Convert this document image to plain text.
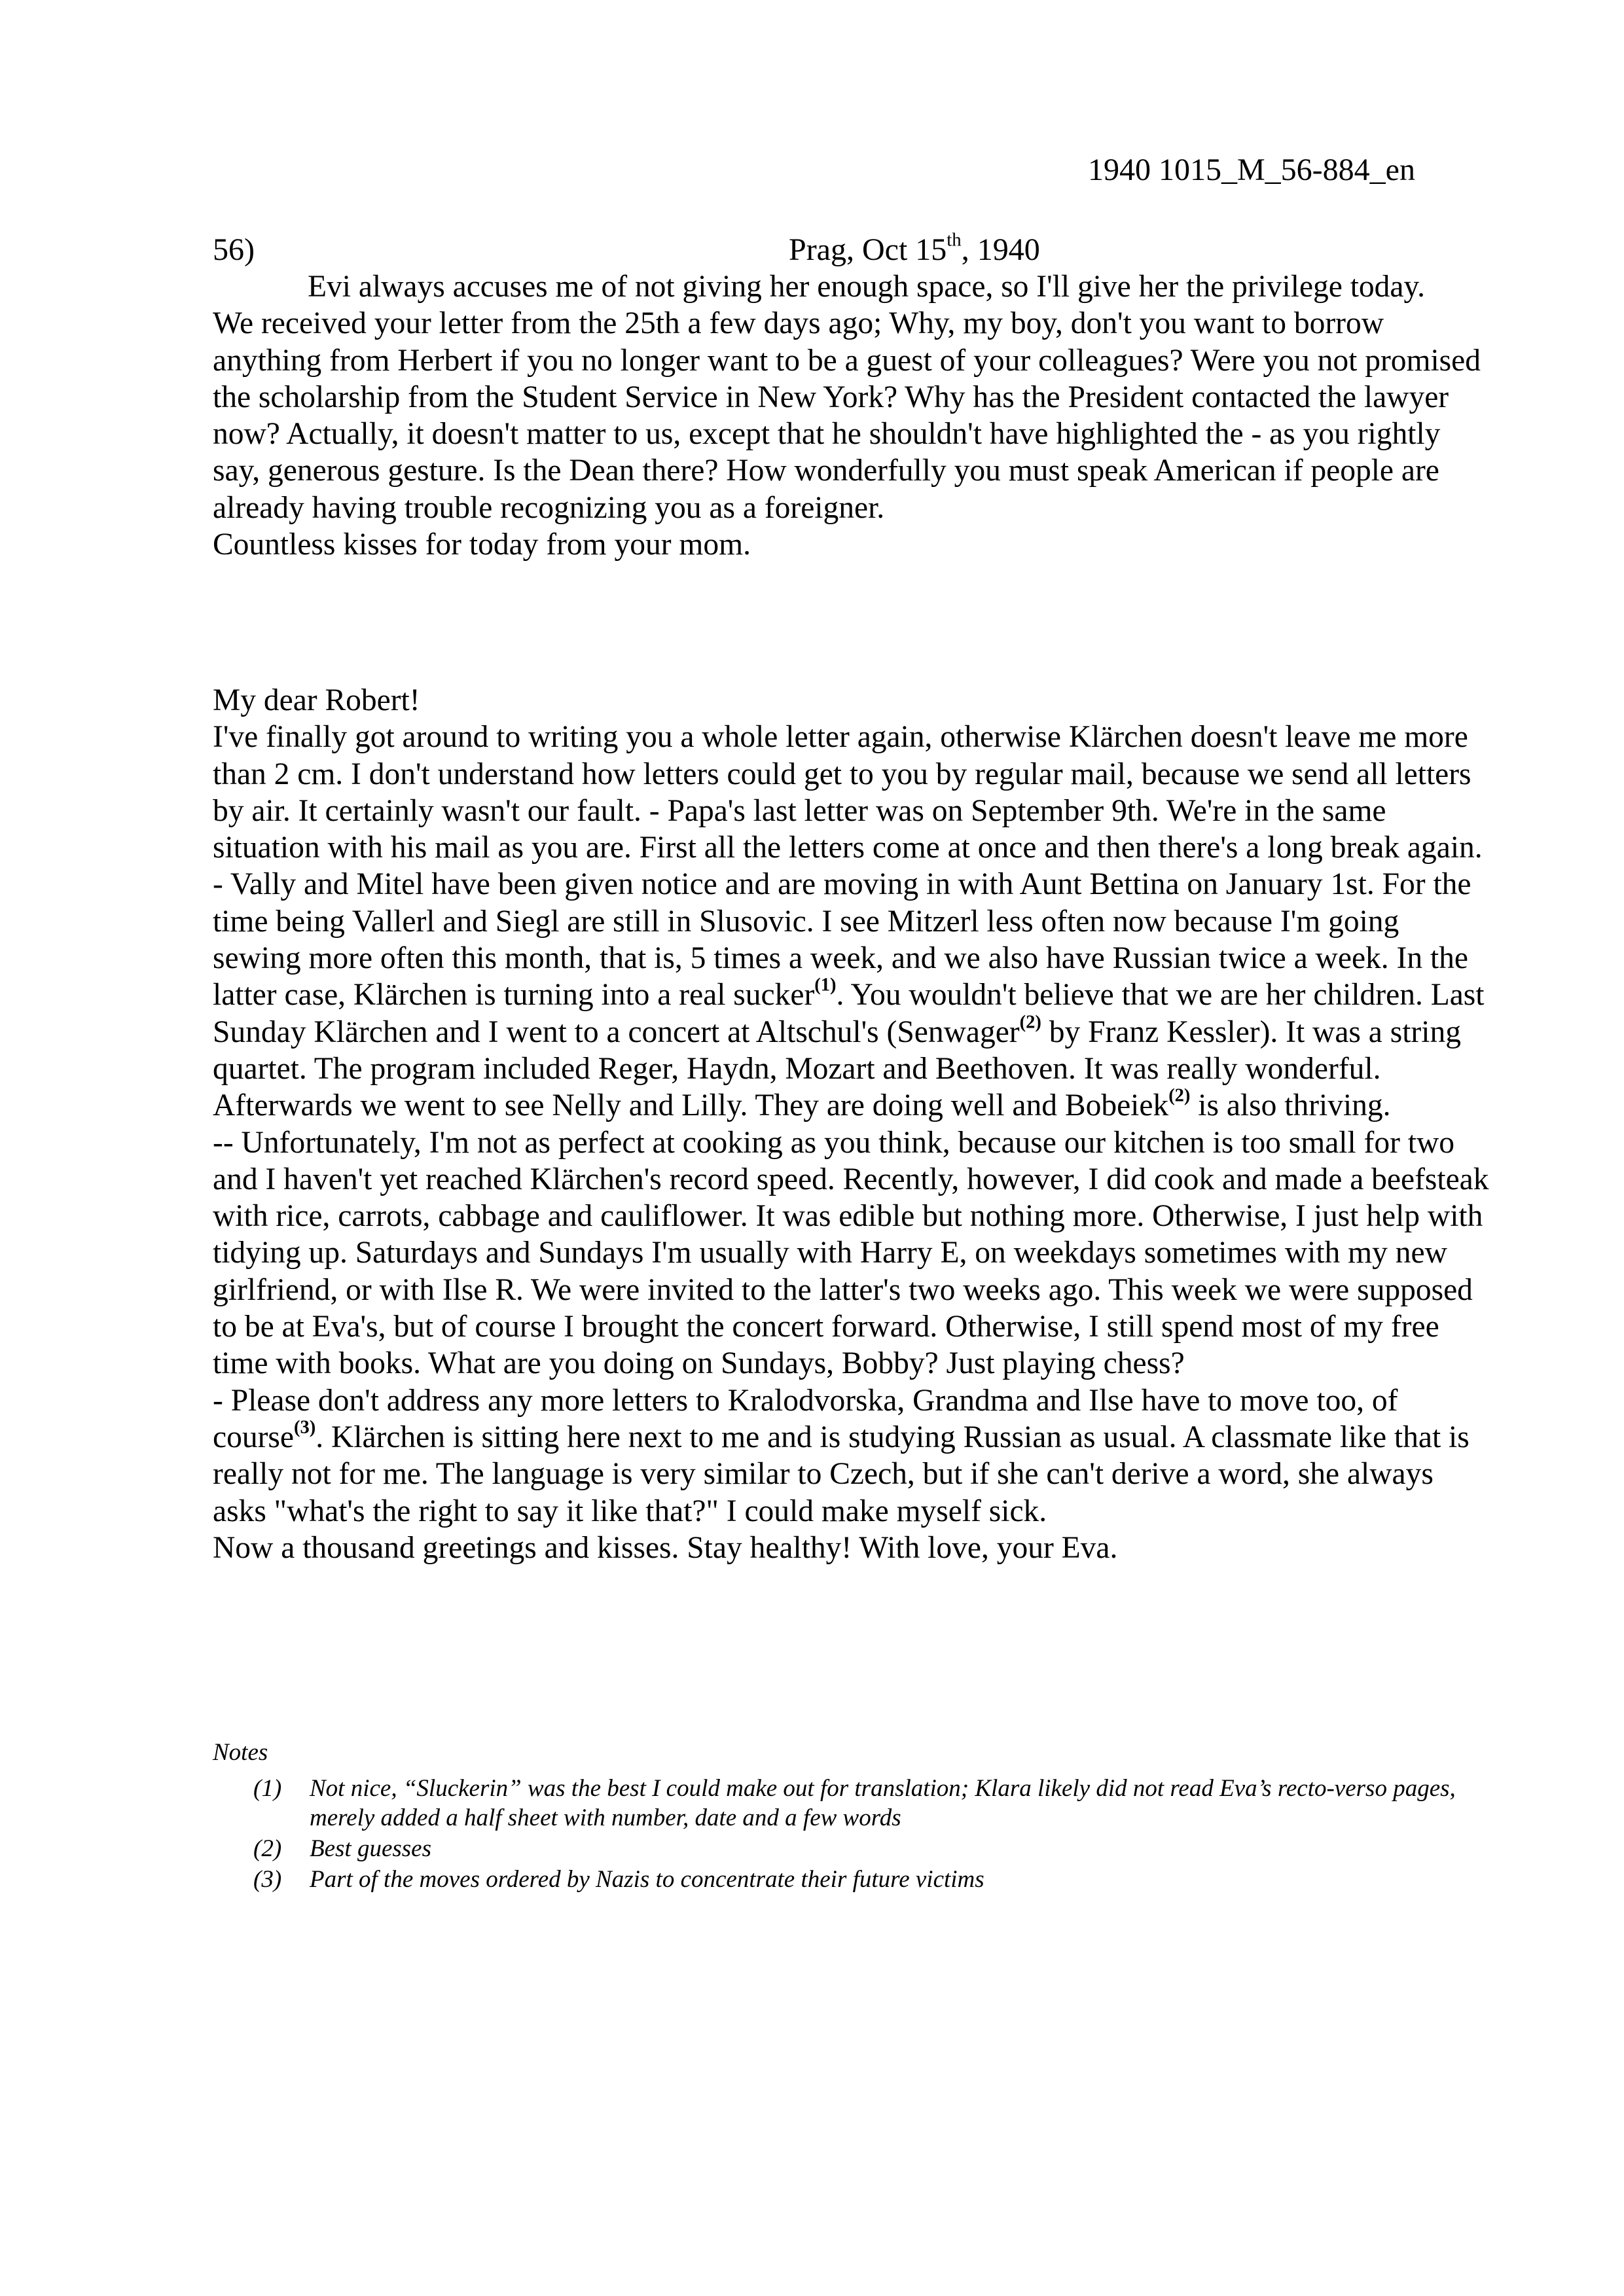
1940 1015_M_56-884_en
56)	Prag, Oct 15th, 1940

Evi always accuses me of not giving her enough space, so I'll give her the privilege today.

We received your letter from the 25th a few days ago; Why, my boy, don't you want to borrow anything from Herbert if you no longer want to be a guest of your colleagues? Were you not promised the scholarship from the Student Service in New York? Why has the President contacted the lawyer now? Actually, it doesn't matter to us, except that he shouldn't have highlighted the - as you rightly say, generous gesture. Is the Dean there? How wonderfully you must speak American if people are already having trouble recognizing you as a foreigner.

Countless kisses for today from your mom.

My dear Robert!

I've finally got around to writing you a whole letter again, otherwise Klärchen doesn't leave me more than 2 cm. I don't understand how letters could get to you by regular mail, because we send all letters by air. It certainly wasn't our fault. - Papa's last letter was on September 9th. We're in the same situation with his mail as you are. First all the letters come at once and then there's a long break again.

- Vally and Mitel have been given notice and are moving in with Aunt Bettina on January 1st. For the time being Vallerl and Siegl are still in Slusovic. I see Mitzerl less often now because I'm going sewing more often this month, that is, 5 times a week, and we also have Russian twice a week. In the latter case, Klärchen is turning into a real sucker$^{(1)}$. You wouldn't believe that we are her children. Last Sunday Klärchen and I went to a concert at Altschul's (Senwager$^{(2)}$ by Franz Kessler). It was a string quartet. The program included Reger, Haydn, Mozart and Beethoven. It was really wonderful. Afterwards we went to see Nelly and Lilly. They are doing well and Bobeiek$^{(2)}$ is also thriving.

-- Unfortunately, I'm not as perfect at cooking as you think, because our kitchen is too small for two and I haven't yet reached Klärchen's record speed. Recently, however, I did cook and made a beefsteak with rice, carrots, cabbage and cauliflower. It was edible but nothing more. Otherwise, I just help with tidying up. Saturdays and Sundays I'm usually with Harry E, on weekdays sometimes with my new girlfriend, or with Ilse R. We were invited to the latter's two weeks ago. This week we were supposed to be at Eva's, but of course I brought the concert forward. Otherwise, I still spend most of my free time with books. What are you doing on Sundays, Bobby? Just playing chess?

- Please don't address any more letters to Kralodvorska, Grandma and Ilse have to move too, of course$^{(3)}$. Klärchen is sitting here next to me and is studying Russian as usual. A classmate like that is really not for me. The language is very similar to Czech, but if she can't derive a word, she always asks "what's the right to say it like that?" I could make myself sick.

Now a thousand greetings and kisses. Stay healthy! With love, your Eva.

Notes
(1) Not nice, “Sluckerin” was the best I could make out for translation; Klara likely did not read Eva’s recto-verso pages, merely added a half sheet with number, date and a few words
(2) Best guesses
(3) Part of the moves ordered by Nazis to concentrate their future victims
